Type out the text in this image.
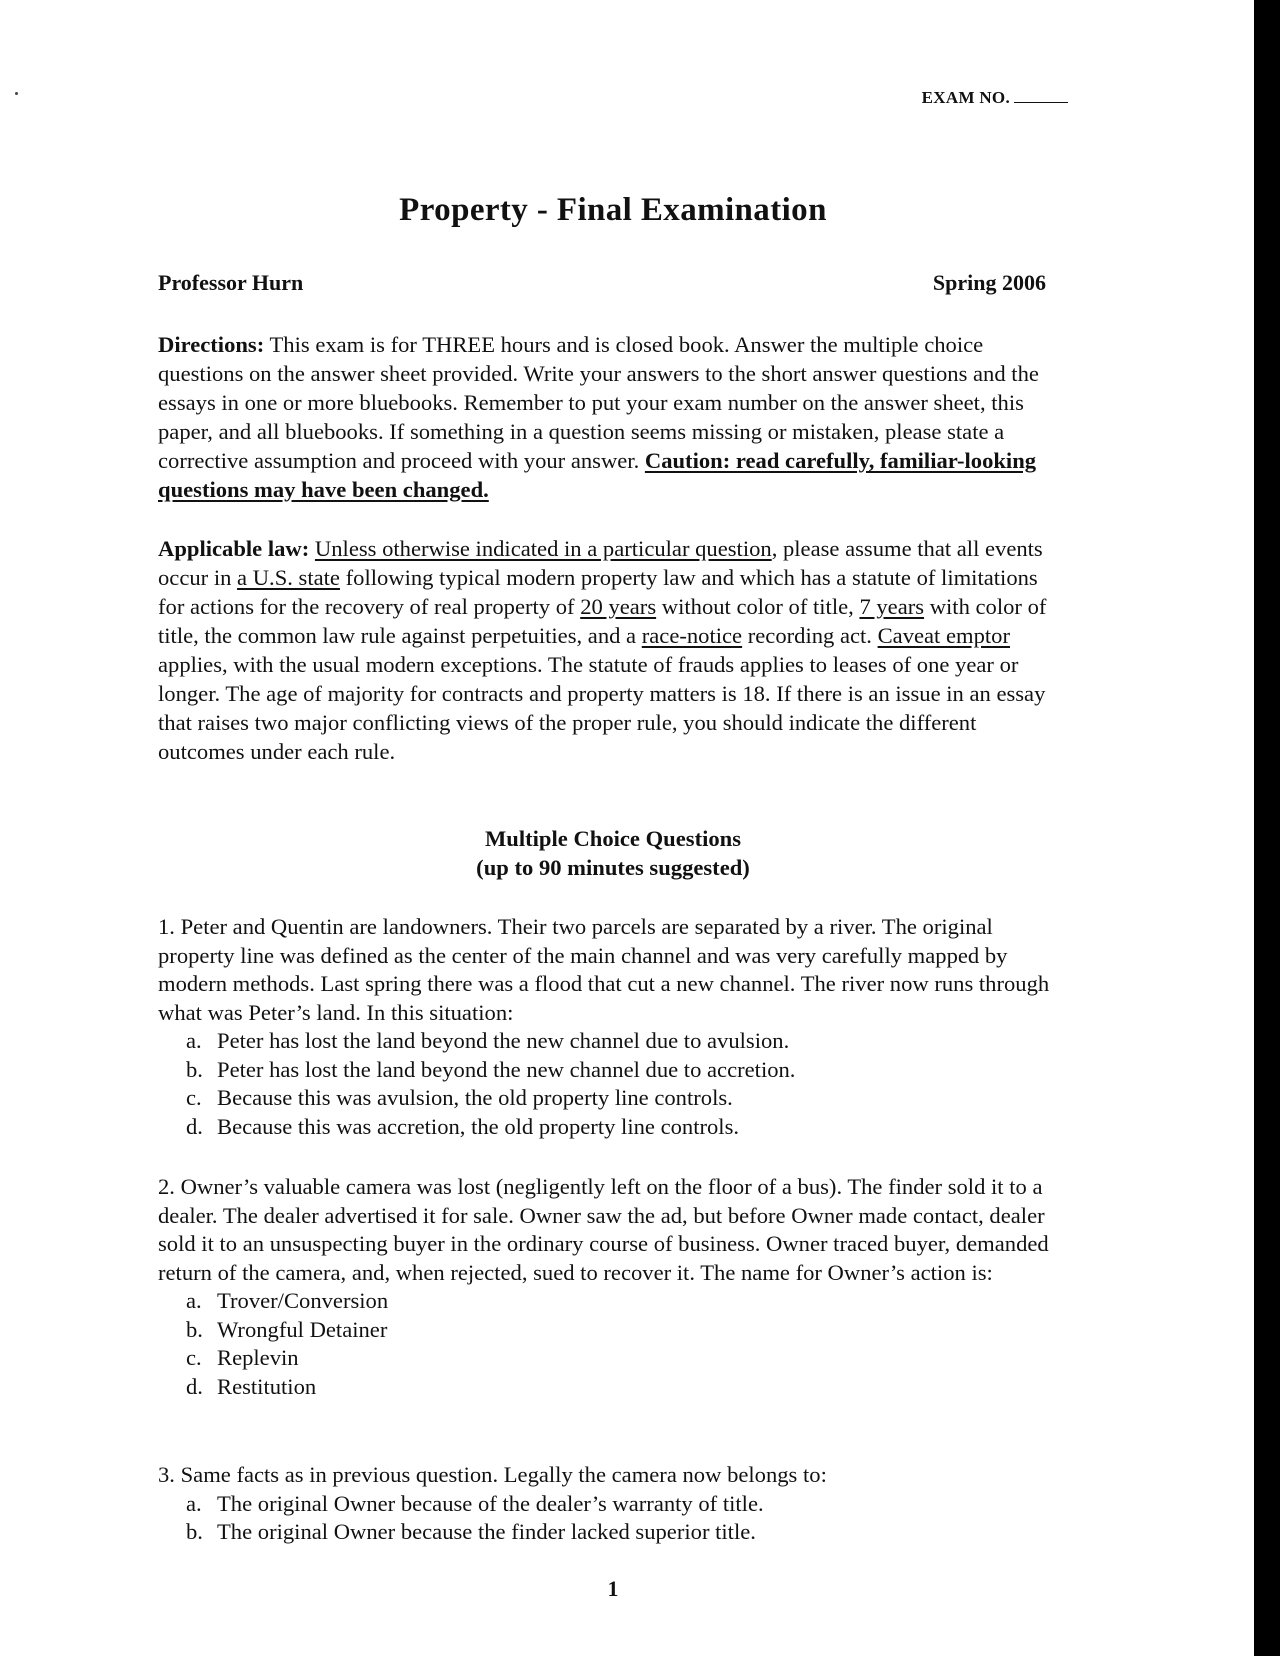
EXAM NO.
Property - Final Examination
Professor Hurn	Spring 2006
Directions: This exam is for THREE hours and is closed book. Answer the multiple choice questions on the answer sheet provided. Write your answers to the short answer questions and the essays in one or more bluebooks. Remember to put your exam number on the answer sheet, this paper, and all bluebooks. If something in a question seems missing or mistaken, please state a corrective assumption and proceed with your answer. Caution: read carefully, familiar-looking questions may have been changed.
Applicable law: Unless otherwise indicated in a particular question, please assume that all events occur in a U.S. state following typical modern property law and which has a statute of limitations for actions for the recovery of real property of 20 years without color of title, 7 years with color of title, the common law rule against perpetuities, and a race-notice recording act. Caveat emptor applies, with the usual modern exceptions. The statute of frauds applies to leases of one year or longer. The age of majority for contracts and property matters is 18. If there is an issue in an essay that raises two major conflicting views of the proper rule, you should indicate the different outcomes under each rule.
Multiple Choice Questions
(up to 90 minutes suggested)
1. Peter and Quentin are landowners. Their two parcels are separated by a river. The original property line was defined as the center of the main channel and was very carefully mapped by modern methods. Last spring there was a flood that cut a new channel. The river now runs through what was Peter’s land. In this situation:
a. Peter has lost the land beyond the new channel due to avulsion.
b. Peter has lost the land beyond the new channel due to accretion.
c. Because this was avulsion, the old property line controls.
d. Because this was accretion, the old property line controls.
2. Owner’s valuable camera was lost (negligently left on the floor of a bus). The finder sold it to a dealer. The dealer advertised it for sale. Owner saw the ad, but before Owner made contact, dealer sold it to an unsuspecting buyer in the ordinary course of business. Owner traced buyer, demanded return of the camera, and, when rejected, sued to recover it. The name for Owner’s action is:
a. Trover/Conversion
b. Wrongful Detainer
c. Replevin
d. Restitution
3. Same facts as in previous question. Legally the camera now belongs to:
a. The original Owner because of the dealer’s warranty of title.
b. The original Owner because the finder lacked superior title.
1
